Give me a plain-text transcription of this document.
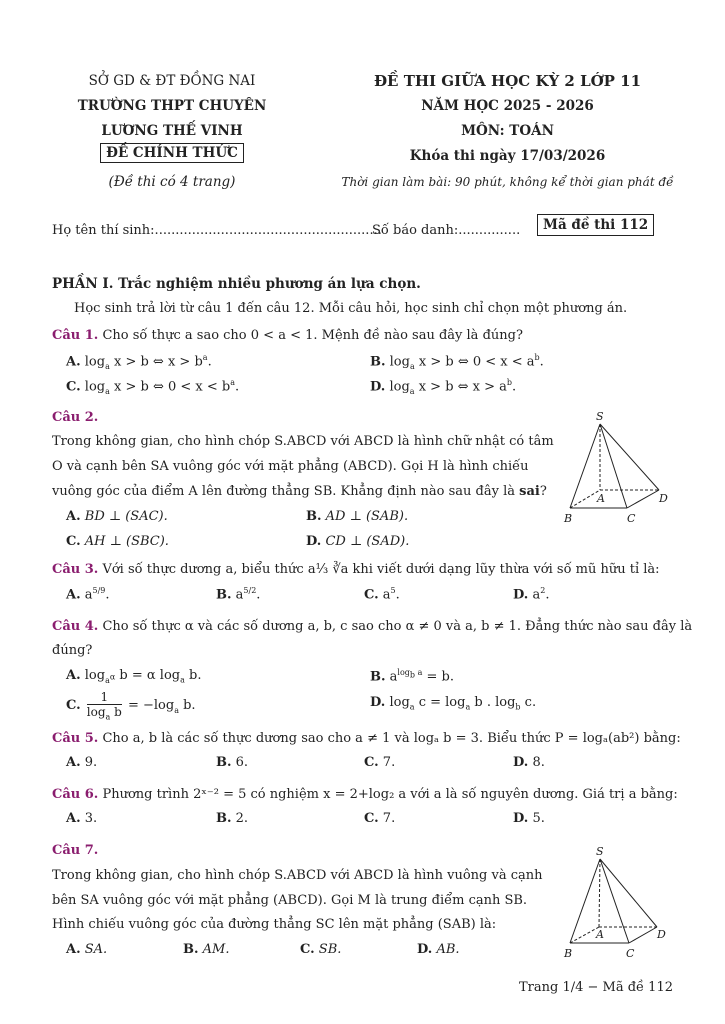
SỞ GD & ĐT ĐỒNG NAI
TRƯỜNG THPT CHUYÊN
LƯƠNG THẾ VINH
ĐỀ CHÍNH THỨC
(Đề thi có 4 trang)
ĐỀ THI GIỮA HỌC KỲ 2 LỚP 11
NĂM HỌC 2025 - 2026
MÔN: TOÁN
Khóa thi ngày 17/03/2026
Thời gian làm bài: 90 phút, không kể thời gian phát đề
Họ tên thí sinh:.......................................................
Số báo danh:...............	Mã đề thi 112
PHẦN I. Trắc nghiệm nhiều phương án lựa chọn.
Học sinh trả lời từ câu 1 đến câu 12. Mỗi câu hỏi, học sinh chỉ chọn một phương án.
Câu 1. Cho số thực a sao cho 0 < a < 1. Mệnh đề nào sau đây là đúng?
A. $\log_a x > b$ ⇔ $x > b^a$.	B. $\log_a x > b$ ⇔ $0 < x < a^b$.
C. $\log_a x > b$ ⇔ $0 < x < b^a$.	D. $\log_a x > b$ ⇔ $x > a^b$.
Câu 2.
Trong không gian, cho hình chóp S.ABCD với ABCD là hình chữ nhật có tâm
O và cạnh bên SA vuông góc với mặt phẳng (ABCD). Gọi H là hình chiếu
vuông góc của điểm A lên đường thẳng SB. Khẳng định nào sau đây là sai?
A. BD ⊥ (SAC).	B. AD ⊥ (SAB).
C. AH ⊥ (SBC).	D. CD ⊥ (SAD).
S
A
B	C
D
Câu 3. Với số thực dương a, biểu thức a⅓ ∛a khi viết dưới dạng lũy thừa với số mũ hữu tỉ là:
A. $a^{5/9}$.	B. $a^{5/2}$.	C. $a^5$.	D. $a^2$.
Câu 4. Cho số thực α và các số dương a, b, c sao cho α ≠ 0 và a, b ≠ 1. Đẳng thức nào sau đây là
đúng?
A. $\log_{a^\alpha} b = \alpha$ $\log_a b$.	B. $a^{log_b a} = b$.
C. $\frac{1}{\log_a b} = -\log_a$ b.	D. $\log_a c = \log_a b$ . $\log_b c$.
Câu 5. Cho a, b là các số thực dương sao cho a ≠ 1 và logₐ b = 3. Biểu thức P = logₐ(ab²) bằng:
A. 9.	B. 6.	C. 7.	D. 8.
Câu 6. Phương trình 2ˣ⁻² = 5 có nghiệm x = 2+log₂ a với a là số nguyên dương. Giá trị a bằng:
A. 3.	B. 2.	C. 7.	D. 5.
Câu 7.
Trong không gian, cho hình chóp S.ABCD với ABCD là hình vuông và cạnh
bên SA vuông góc với mặt phẳng (ABCD). Gọi M là trung điểm cạnh SB.
Hình chiếu vuông góc của đường thẳng SC lên mặt phẳng (SAB) là:
A. SA.	B. AM.	C. SB.	D. AB.
S
A
B	C
D
Trang 1/4 − Mã đề 112
